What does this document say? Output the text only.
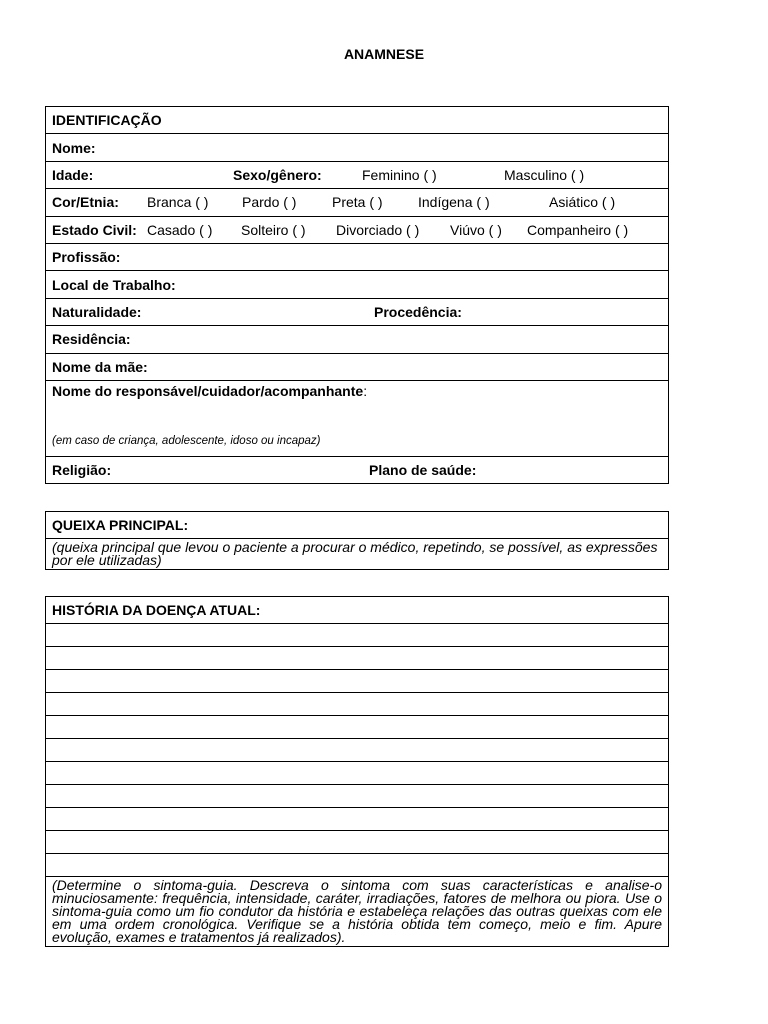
ANAMNESE
IDENTIFICAÇÃO
Nome:

Idade:	Sexo/gênero:	Feminino ( )	Masculino ( )

Cor/Etnia: Branca ( ) Pardo ( )	Preta ( )	Indígena ( )	Asiático ( )

Estado Civil: Casado ( ) Solteiro ( ) Divorciado ( ) Viúvo ( ) Companheiro ( )

Profissão:
Local de Trabalho:

Naturalidade:	Procedência:

Residência:
Nome da mãe:

Nome do responsável/cuidador/acompanhante:
(em caso de criança, adolescente, idoso ou incapaz)

Religião:	Plano de saúde:
QUEIXA PRINCIPAL:
(queixa principal que levou o paciente a procurar o médico, repetindo, se possível, as expressões por ele utilizadas)
HISTÓRIA DA DOENÇA ATUAL:

(Determine o sintoma-guia. Descreva o sintoma com suas características e analise-o minuciosamente: frequência, intensidade, caráter, irradiações, fatores de melhora ou piora. Use o sintoma-guia como um fio condutor da história e estabeleça relações das outras queixas com ele em uma ordem cronológica. Verifique se a história obtida tem começo, meio e fim. Apure evolução, exames e tratamentos já realizados).
